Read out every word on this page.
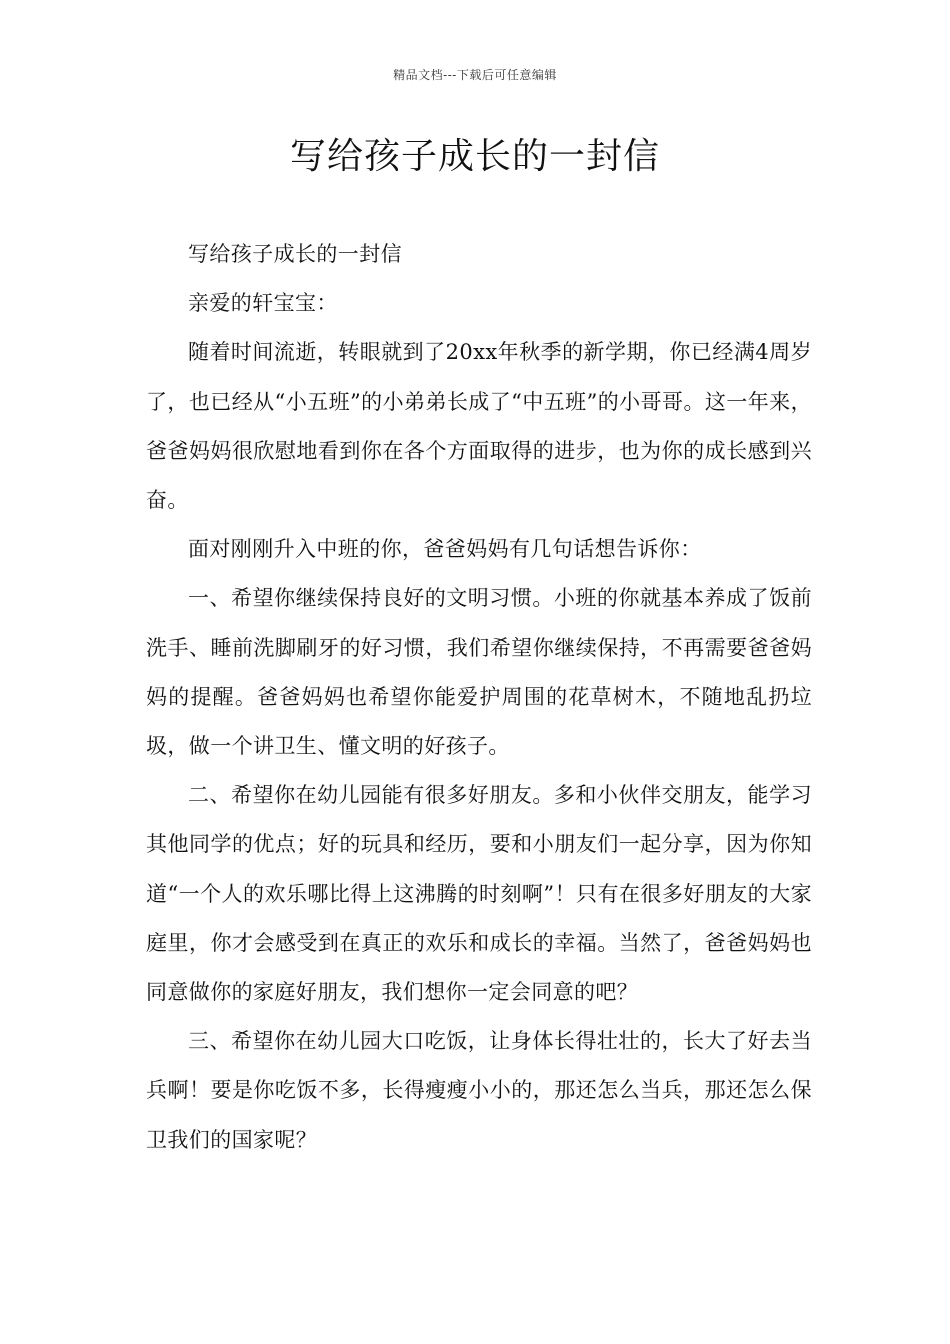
精品文档---下载后可任意编辑
写给孩子成长的一封信

写给孩子成长的一封信

亲爱的轩宝宝：

随着时间流逝，转眼就到了20xx年秋季的新学期，你已经满4周岁了，也已经从“小五班”的小弟弟长成了“中五班”的小哥哥。这一年来，爸爸妈妈很欣慰地看到你在各个方面取得的进步，也为你的成长感到兴奋。

面对刚刚升入中班的你，爸爸妈妈有几句话想告诉你：

一、希望你继续保持良好的文明习惯。小班的你就基本养成了饭前洗手、睡前洗脚刷牙的好习惯，我们希望你继续保持，不再需要爸爸妈妈的提醒。爸爸妈妈也希望你能爱护周围的花草树木，不随地乱扔垃圾，做一个讲卫生、懂文明的好孩子。

二、希望你在幼儿园能有很多好朋友。多和小伙伴交朋友，能学习其他同学的优点；好的玩具和经历，要和小朋友们一起分享，因为你知道“一个人的欢乐哪比得上这沸腾的时刻啊”！只有在很多好朋友的大家庭里，你才会感受到在真正的欢乐和成长的幸福。当然了，爸爸妈妈也同意做你的家庭好朋友，我们想你一定会同意的吧？

三、希望你在幼儿园大口吃饭，让身体长得壮壮的，长大了好去当兵啊！要是你吃饭不多，长得瘦瘦小小的，那还怎么当兵，那还怎么保卫我们的国家呢？
